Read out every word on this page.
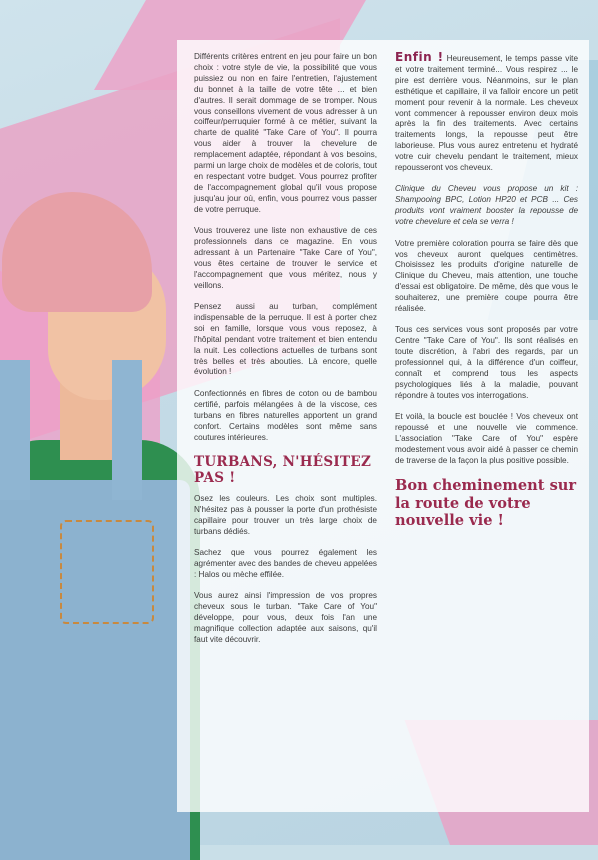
Différents critères entrent en jeu pour faire un bon choix : votre style de vie, la possibilité que vous puissiez ou non en faire l'entretien, l'ajustement du bonnet à la taille de votre tête ... et bien d'autres. Il serait dommage de se tromper. Nous vous conseillons vivement de vous adresser à un coiffeur/perruquier formé à ce métier, suivant la charte de qualité "Take Care of You". Il pourra vous aider à trouver la chevelure de remplacement adaptée, répondant à vos besoins, parmi un large choix de modèles et de coloris, tout en respectant votre budget. Vous pourrez profiter de l'accompagnement global qu'il vous propose jusqu'au jour où, enfin, vous pourrez vous passer de votre perruque.

Vous trouverez une liste non exhaustive de ces professionnels dans ce magazine. En vous adressant à un Partenaire "Take Care of You", vous êtes certaine de trouver le service et l'accompagnement que vous méritez, nous y veillons.

Pensez aussi au turban, complément indispensable de la perruque. Il est à porter chez soi en famille, lorsque vous vous reposez, à l'hôpital pendant votre traitement et bien entendu la nuit. Les collections actuelles de turbans sont très belles et très abouties. Là encore, quelle évolution !

Confectionnés en fibres de coton ou de bambou certifié, parfois mélangées à de la viscose, ces turbans en fibres naturelles apportent un grand confort. Certains modèles sont même sans coutures intérieures.

TURBANS, N'HÉSITEZ PAS !

Osez les couleurs. Les choix sont multiples. N'hésitez pas à pousser la porte d'un prothésiste capillaire pour trouver un très large choix de turbans dédiés.

Sachez que vous pourrez également les agrémenter avec des bandes de cheveu appelées : Halos ou mèche effilée.

Vous aurez ainsi l'impression de vos propres cheveux sous le turban. "Take Care of You" développe, pour vous, deux fois l'an une magnifique collection adaptée aux saisons, qu'il faut vite découvrir.

Enfin ! Heureusement, le temps passe vite et votre traitement terminé... Vous respirez ... le pire est derrière vous. Néanmoins, sur le plan esthétique et capillaire, il va falloir encore un petit moment pour revenir à la normale. Les cheveux vont commencer à repousser environ deux mois après la fin des traitements. Avec certains traitements longs, la repousse peut être laborieuse. Plus vous aurez entretenu et hydraté votre cuir chevelu pendant le traitement, mieux repousseront vos cheveux.

Clinique du Cheveu vous propose un kit : Shampooing BPC, Lotion HP20 et PCB ... Ces produits vont vraiment booster la repousse de votre chevelure et cela se verra !

Votre première coloration pourra se faire dès que vos cheveux auront quelques centimètres. Choisissez les produits d'origine naturelle de Clinique du Cheveu, mais attention, une touche d'essai est obligatoire. De même, dès que vous le souhaiterez, une première coupe pourra être réalisée.

Tous ces services vous sont proposés par votre Centre "Take Care of You". Ils sont réalisés en toute discrétion, à l'abri des regards, par un professionnel qui, à la différence d'un coiffeur, connaît et comprend tous les aspects psychologiques liés à la maladie, pouvant répondre à toutes vos interrogations.

Et voilà, la boucle est bouclée ! Vos cheveux ont repoussé et une nouvelle vie commence. L'association "Take Care of You" espère modestement vous avoir aidé à passer ce chemin de traverse de la façon la plus positive possible.

Bon cheminement sur la route de votre nouvelle vie !
